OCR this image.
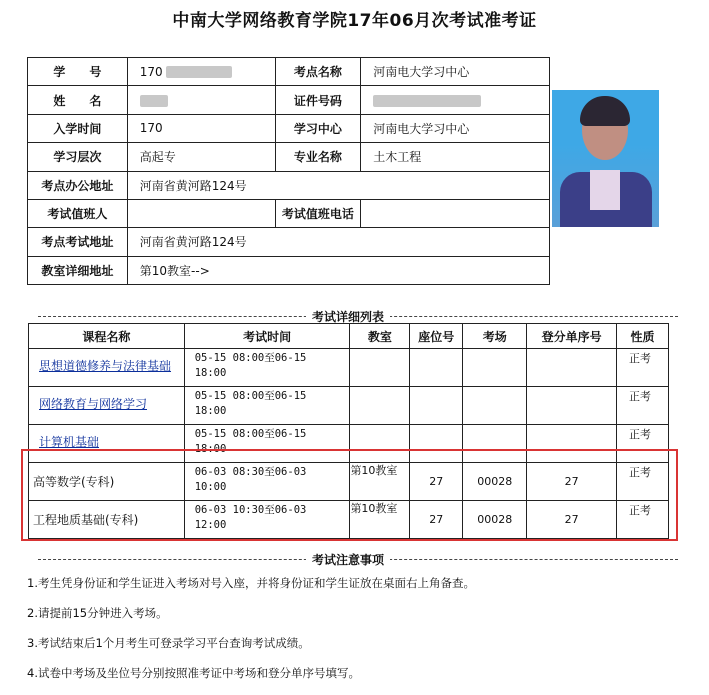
中南大学网络教育学院17年06月次考试准考证
学　　号	170	考点名称	河南电大学习中心
姓　　名		证件号码	
入学时间	170	学习中心	河南电大学习中心
学习层次	高起专	专业名称	土木工程
考点办公地址	河南省黄河路124号		
考试值班人		考试值班电话	
考点考试地址	河南省黄河路124号		
教室详细地址	第10教室-->		
考试详细列表
课程名称	考试时间	教室	座位号	考场	登分单序号	性质

思想道德修养与法律基础	05-15 08:00至06-15
18:00					正考

网络教育与网络学习	05-15 08:00至06-15
18:00					正考

计算机基础	05-15 08:00至06-15
18:00					正考

高等数学(专科)	06-03 08:30至06-03
10:00	第10教室	27	00028	27	正考

工程地质基础(专科)	06-03 10:30至06-03
12:00	第10教室	27	00028	27	正考
考试注意事项
1.考生凭身份证和学生证进入考场对号入座，并将身份证和学生证放在桌面右上角备查。
2.请提前15分钟进入考场。
3.考试结束后1个月考生可登录学习平台查询考试成绩。
4.试卷中考场及坐位号分别按照准考证中考场和登分单序号填写。
